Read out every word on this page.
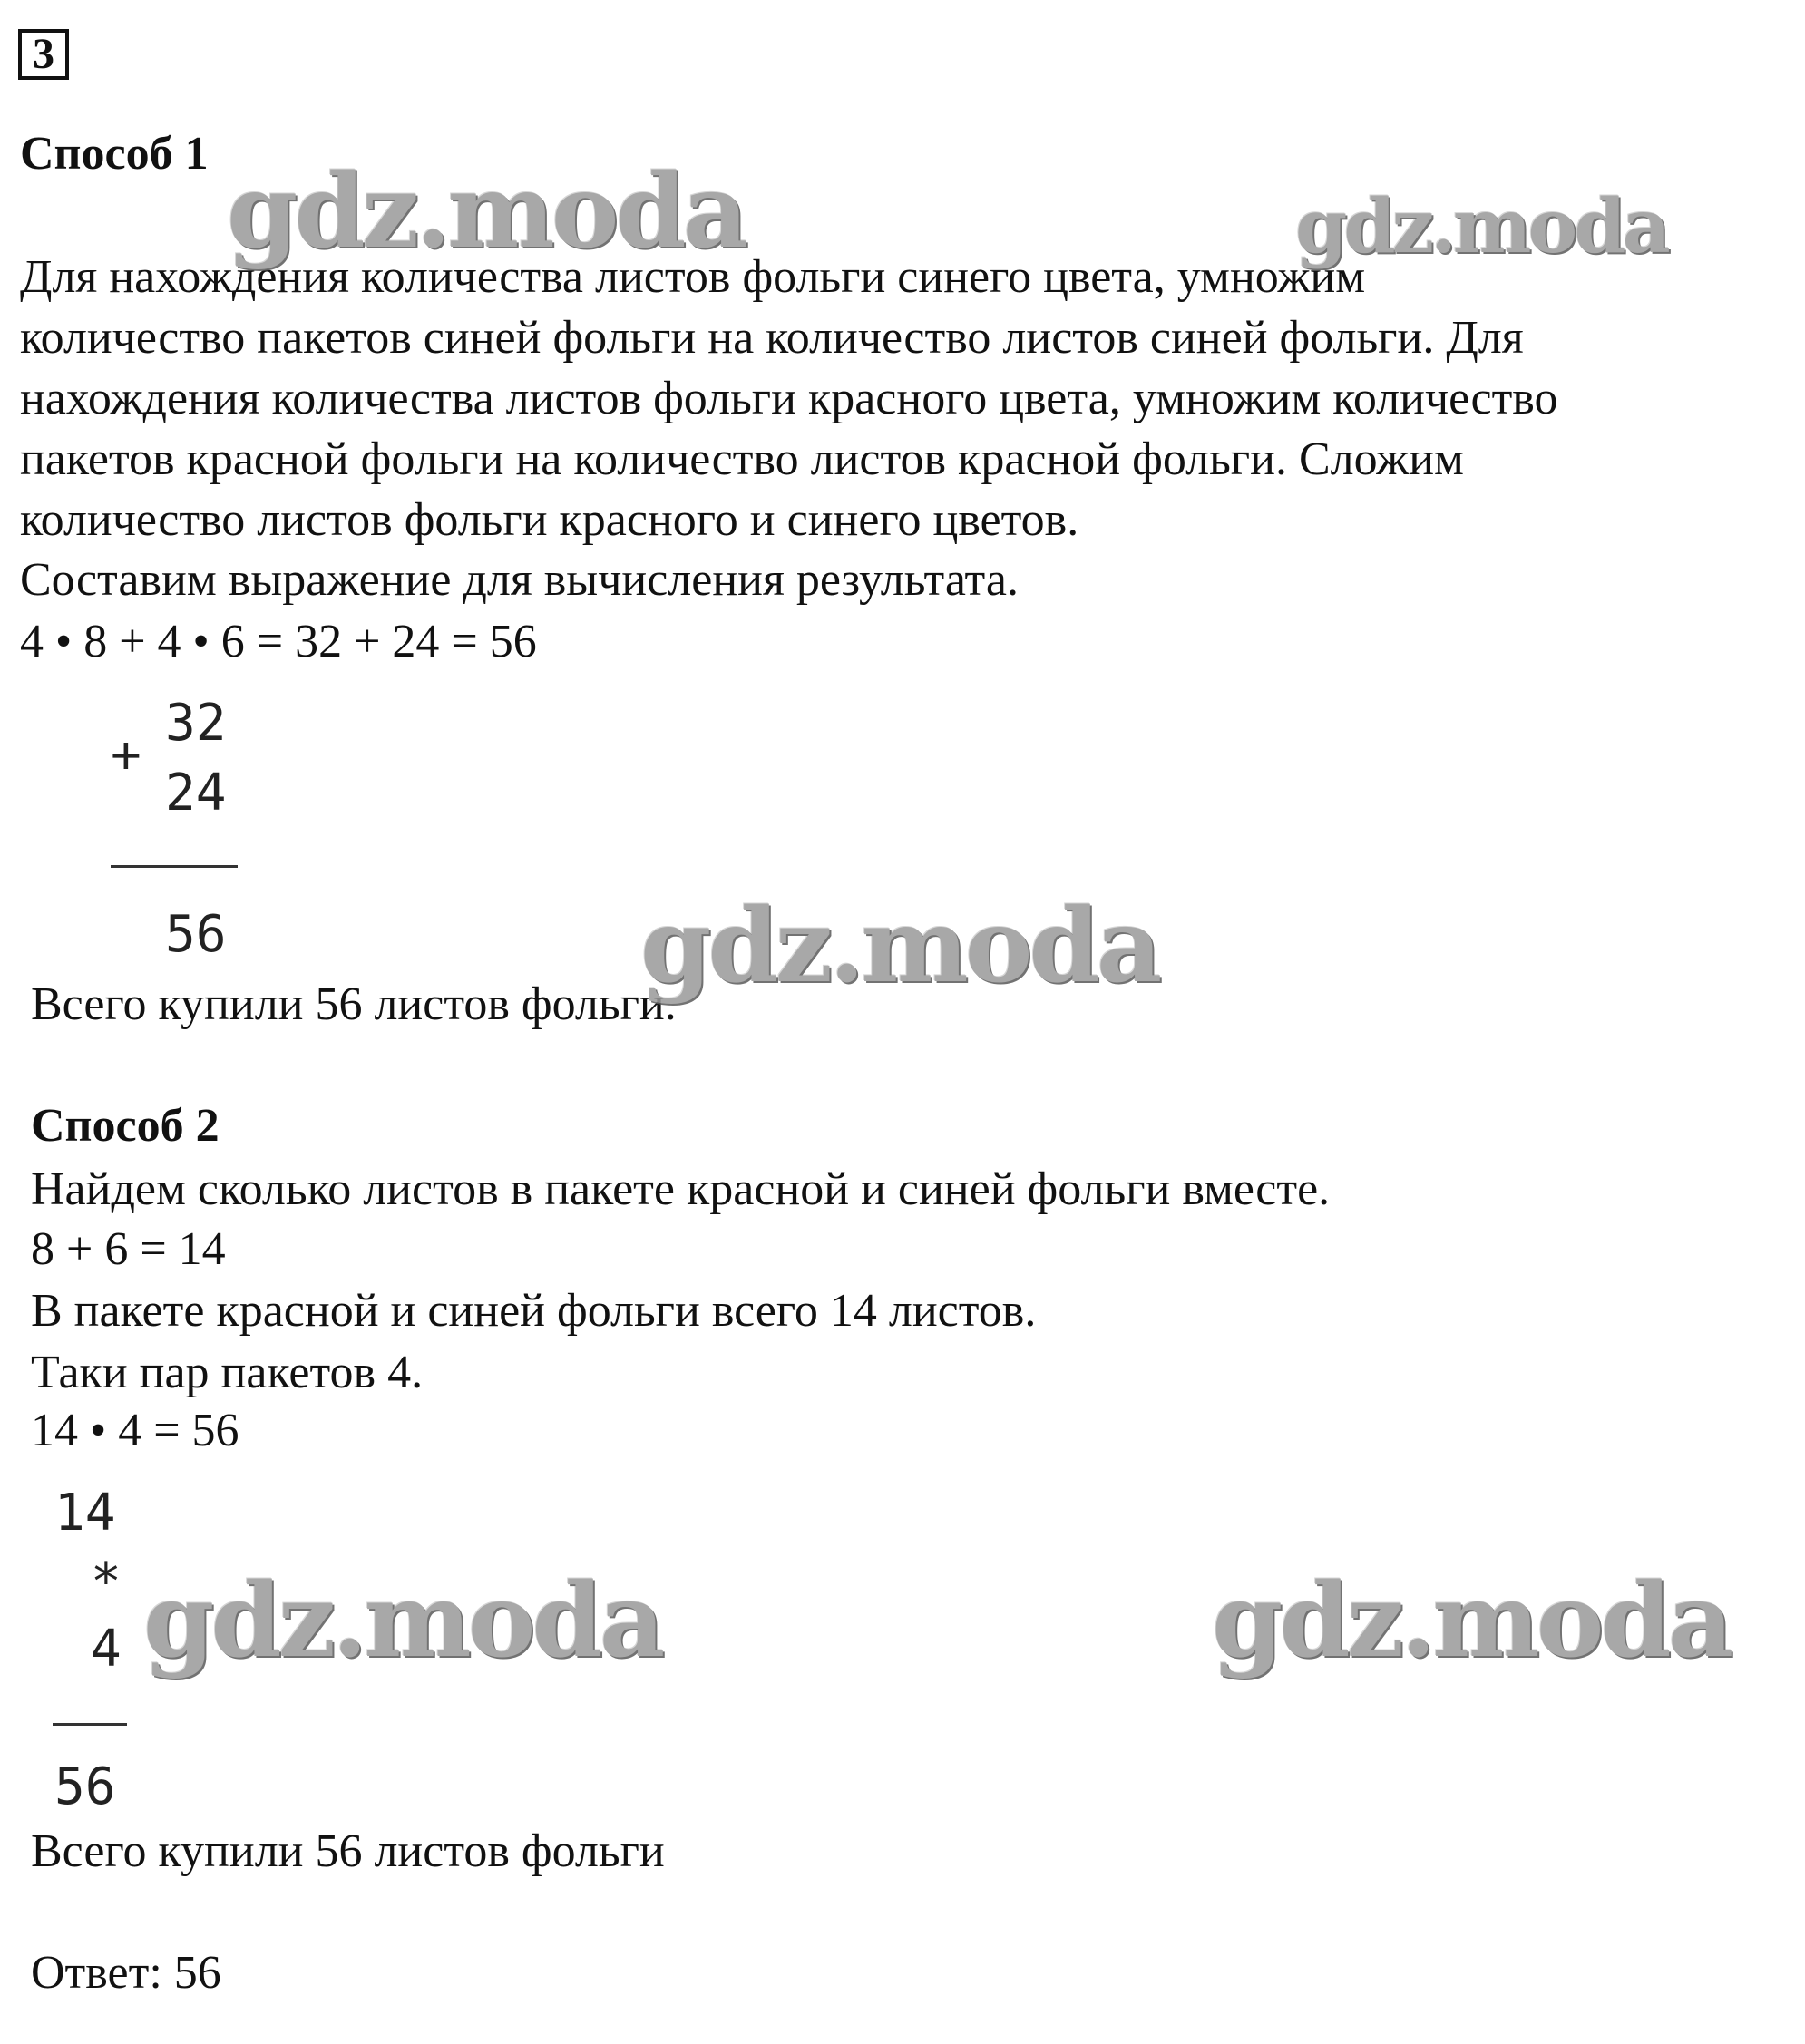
3
Способ 1
Для нахождения количества листов фольги синего цвета, умножим
количество пакетов синей фольги на количество листов синей фольги. Для
нахождения количества листов фольги красного цвета, умножим количество
пакетов красной фольги на количество листов красной фольги. Сложим
количество листов фольги красного и синего цветов.
Составим выражение для вычисления результата.
4 • 8 + 4 • 6 = 32 + 24 = 56
+
32
24
56
Всего купили 56 листов фольги.
Способ 2
Найдем сколько листов в пакете красной и синей фольги вместе.
8 + 6 = 14
В пакете красной и синей фольги всего 14 листов.
Таки пар пакетов 4.
14 • 4 = 56
14
*
4
56
Всего купили 56 листов фольги
Ответ: 56
gdz.moda	gdz.moda
gdz.moda
gdz.moda	gdz.moda
